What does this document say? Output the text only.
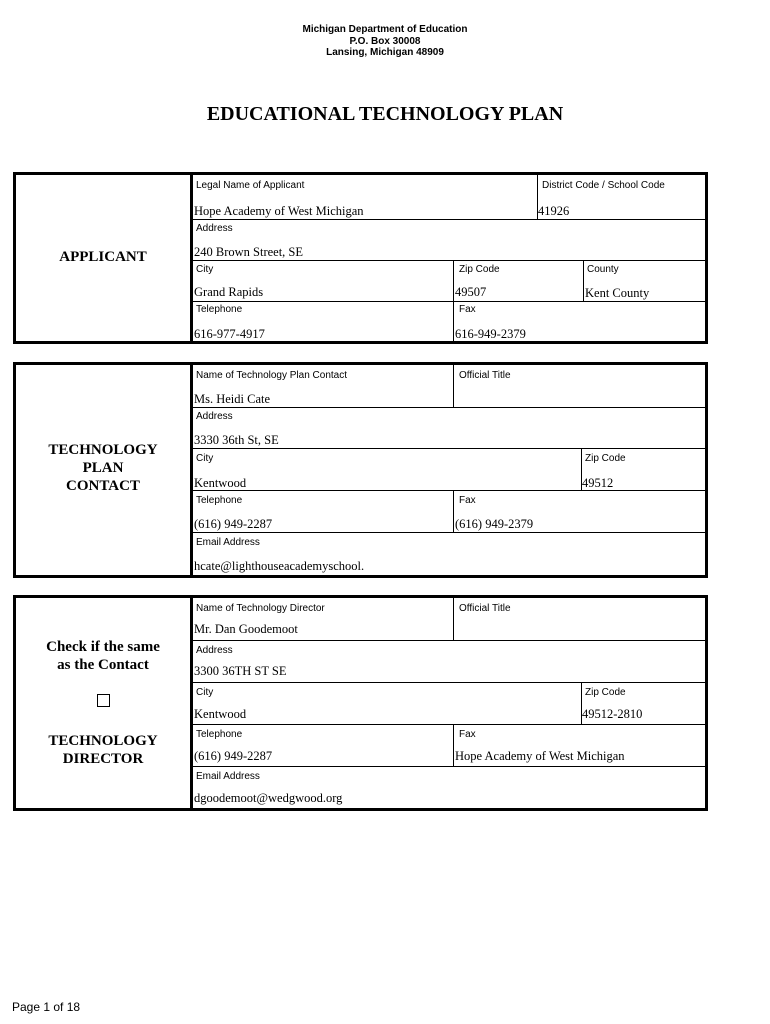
Michigan Department of Education
P.O. Box 30008
Lansing, Michigan 48909
EDUCATIONAL TECHNOLOGY PLAN
APPLICANT
Legal Name of Applicant
Hope Academy of West Michigan
District Code / School Code
41926
Address
240 Brown Street, SE
City
Grand Rapids
Zip Code
49507
County
Kent County
Telephone
616-977-4917
Fax
616-949-2379
TECHNOLOGY
PLAN
CONTACT
Name of Technology Plan Contact
Ms. Heidi Cate
Official Title
Address
3330 36th St, SE
City
Kentwood
Zip Code
49512
Telephone
(616) 949-2287
Fax
(616) 949-2379
Email Address
hcate@lighthouseacademyschool.
Check if the same
as the Contact
TECHNOLOGY
DIRECTOR
Name of Technology Director
Mr. Dan Goodemoot
Official Title
Address
3300 36TH ST SE
City
Kentwood
Zip Code
49512-2810
Telephone
(616) 949-2287
Fax
Hope Academy of West Michigan
Email Address
dgoodemoot@wedgwood.org
Page 1 of 18
